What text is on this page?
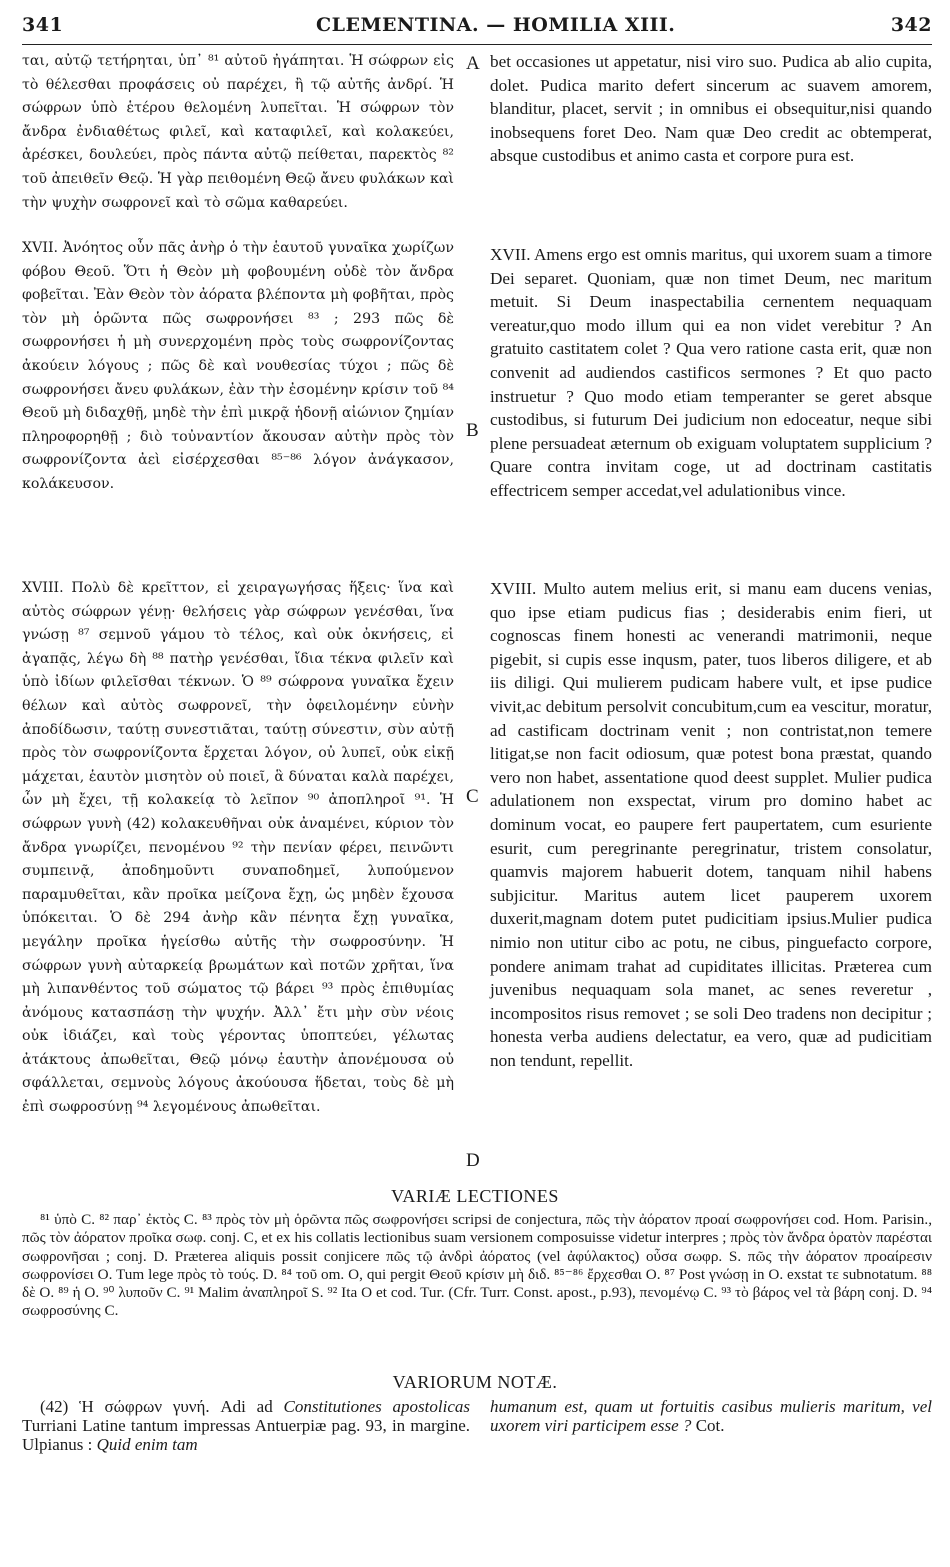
341	CLEMENTINA. — HOMILIA XIII.	342

ται, αὐτῷ τετήρηται, ὑπ᾽ ⁸¹ αὐτοῦ ἠγάπηται. Ἡ σώφρων εἰς τὸ θέλεσθαι προφάσεις οὐ παρέχει, ἢ τῷ αὐτῆς ἀνδρί. Ἡ σώφρων ὑπὸ ἑτέρου θελομένη λυπεῖται. Ἡ σώφρων τὸν ἄνδρα ἐνδιαθέτως φιλεῖ, καὶ καταφιλεῖ, καὶ κολακεύει, ἀρέσκει, δουλεύει, πρὸς πάντα αὐτῷ πείθεται, παρεκτὸς ⁸² τοῦ ἀπειθεῖν Θεῷ. Ἡ γὰρ πειθομένη Θεῷ ἄνευ φυλάκων καὶ τὴν ψυχὴν σωφρονεῖ καὶ τὸ σῶμα καθαρεύει.

XVII. Ἀνόητος οὖν πᾶς ἀνὴρ ὁ τὴν ἑαυτοῦ γυναῖκα χωρίζων φόβου Θεοῦ. Ὅτι ἡ Θεὸν μὴ φοβουμένη οὐδὲ τὸν ἄνδρα φοβεῖται. Ἐὰν Θεὸν τὸν ἀόρατα βλέποντα μὴ φοβῆται, πρὸς τὸν μὴ ὁρῶντα πῶς σωφρονήσει ⁸³ ; 293 πῶς δὲ σωφρονήσει ἡ μὴ συνερχομένη πρὸς τοὺς σωφρονίζοντας ἀκούειν λόγους ; πῶς δὲ καὶ νουθεσίας τύχοι ; πῶς δὲ σωφρονήσει ἄνευ φυλάκων, ἐὰν τὴν ἐσομένην κρίσιν τοῦ ⁸⁴ Θεοῦ μὴ διδαχθῇ, μηδὲ τὴν ἐπὶ μικρᾷ ἡδονῇ αἰώνιον ζημίαν πληροφορηθῇ ; διὸ τοὐναντίον ἄκουσαν αὐτὴν πρὸς τὸν σωφρονίζοντα ἀεὶ εἰσέρχεσθαι ⁸⁵⁻⁸⁶ λόγον ἀνάγκασον, κολάκευσον.

XVIII. Πολὺ δὲ κρεῖττον, εἰ χειραγωγήσας ἥξεις· ἵνα καὶ αὐτὸς σώφρων γένῃ· θελήσεις γὰρ σώφρων γενέσθαι, ἵνα γνώσῃ ⁸⁷ σεμνοῦ γάμου τὸ τέλος, καὶ οὐκ ὀκνήσεις, εἰ ἀγαπᾷς, λέγω δὴ ⁸⁸ πατὴρ γενέσθαι, ἴδια τέκνα φιλεῖν καὶ ὑπὸ ἰδίων φιλεῖσθαι τέκνων. Ὁ ⁸⁹ σώφρονα γυναῖκα ἔχειν θέλων καὶ αὐτὸς σωφρονεῖ, τὴν ὀφειλομένην εὐνὴν ἀποδίδωσιν, ταύτῃ συνεστιᾶται, ταύτῃ σύνεστιν, σὺν αὐτῇ πρὸς τὸν σωφρονίζοντα ἔρχεται λόγον, οὐ λυπεῖ, οὐκ εἰκῇ μάχεται, ἑαυτὸν μισητὸν οὐ ποιεῖ, ἃ δύναται καλὰ παρέχει, ὧν μὴ ἔχει, τῇ κολακείᾳ τὸ λεῖπον ⁹⁰ ἀποπληροῖ ⁹¹. Ἡ σώφρων γυνὴ (42) κολακευθῆναι οὐκ ἀναμένει, κύριον τὸν ἄνδρα γνωρίζει, πενομένου ⁹² τὴν πενίαν φέρει, πεινῶντι συμπεινᾷ, ἀποδημοῦντι συναποδημεῖ, λυπούμενον παραμυθεῖται, κἂν προῖκα μείζονα ἔχῃ, ὡς μηδὲν ἔχουσα ὑπόκειται. Ὁ δὲ 294 ἀνὴρ κἂν πένητα ἔχῃ γυναῖκα, μεγάλην προῖκα ἡγείσθω αὐτῆς τὴν σωφροσύνην. Ἡ σώφρων γυνὴ αὐταρκείᾳ βρωμάτων καὶ ποτῶν χρῆται, ἵνα μὴ λιπανθέντος τοῦ σώματος τῷ βάρει ⁹³ πρὸς ἐπιθυμίας ἀνόμους κατασπάσῃ τὴν ψυχήν. Ἀλλ᾽ ἔτι μὴν σὺν νέοις οὐκ ἰδιάζει, καὶ τοὺς γέροντας ὑποπτεύει, γέλωτας ἀτάκτους ἀπωθεῖται, Θεῷ μόνῳ ἑαυτὴν ἀπονέμουσα οὐ σφάλλεται, σεμνοὺς λόγους ἀκούουσα ἥδεται, τοὺς δὲ μὴ ἐπὶ σωφροσύνῃ ⁹⁴ λεγομένους ἀπωθεῖται.

A
B
C
D

bet occasiones ut appetatur, nisi viro suo. Pudica ab alio cupita, dolet. Pudica marito defert sincerum ac suavem amorem, blanditur, placet, servit ; in omnibus ei obsequitur,nisi quando inobsequens foret Deo. Nam quæ Deo credit ac obtemperat, absque custodibus et animo casta et corpore pura est.

XVII. Amens ergo est omnis maritus, qui uxorem suam a timore Dei separet. Quoniam, quæ non timet Deum, nec maritum metuit. Si Deum inaspectabilia cernentem nequaquam vereatur,quo modo illum qui ea non videt verebitur ? An gratuito castitatem colet ? Qua vero ratione casta erit, quæ non convenit ad audiendos castificos sermones ? Et quo pacto instruetur ? Quo modo etiam temperanter se geret absque custodibus, si futurum Dei judicium non edoceatur, neque sibi plene persuadeat æternum ob exiguam voluptatem supplicium ? Quare contra invitam coge, ut ad doctrinam castitatis effectricem semper accedat,vel adulationibus vince.

XVIII. Multo autem melius erit, si manu eam ducens venias, quo ipse etiam pudicus fias ; desiderabis enim fieri, ut cognoscas finem honesti ac venerandi matrimonii, neque pigebit, si cupis esse inqusm, pater, tuos liberos diligere, et ab iis diligi. Qui mulierem pudicam habere vult, et ipse pudice vivit,ac debitum persolvit concubitum,cum ea vescitur, moratur, ad castificam doctrinam venit ; non contristat,non temere litigat,se non facit odiosum, quæ potest bona præstat, quando vero non habet, assentatione quod deest supplet. Mulier pudica adulationem non exspectat, virum pro domino habet ac dominum vocat, eo paupere fert paupertatem, cum esuriente esurit, cum peregrinante peregrinatur, tristem consolatur, quamvis majorem habuerit dotem, tanquam nihil habens subjicitur. Maritus autem licet pauperem uxorem duxerit,magnam dotem putet pudicitiam ipsius.Mulier pudica nimio non utitur cibo ac potu, ne cibus, pinguefacto corpore, pondere animam trahat ad cupiditates illicitas. Præterea cum juvenibus nequaquam sola manet, ac senes reveretur , incompositos risus removet ; se soli Deo tradens non decipitur ; honesta verba audiens delectatur, ea vero, quæ ad pudicitiam non tendunt, repellit.

VARIÆ LECTIONES
⁸¹ ὑπὸ C. ⁸² παρ᾽ ἐκτὸς C. ⁸³ πρὸς τὸν μὴ ὁρῶντα πῶς σωφρονήσει scripsi de conjectura, πῶς τὴν ἀόρατον προαί σωφρονήσει cod. Hom. Parisin., πῶς τὸν ἀόρατον προῖκα σωφ. conj. C, et ex his collatis lectionibus suam versionem composuisse videtur interpres ; πρὸς τὸν ἄνδρα ὁρατὸν παρέσται σωφρονῆσαι ; conj. D. Præterea aliquis possit conjicere πῶς τῷ ἀνδρὶ ἀόρατος (vel ἀφύλακτος) οὖσα σωφρ. S. πῶς τὴν ἀόρατον προαίρεσιν σωφρονίσει O. Tum lege πρὸς τὸ τούς. D. ⁸⁴ τοῦ om. O, qui pergit Θεοῦ κρίσιν μὴ διδ. ⁸⁵⁻⁸⁶ ἔρχεσθαι O. ⁸⁷ Post γνώσῃ in O. exstat τε subnotatum. ⁸⁸ δὲ O. ⁸⁹ ἡ O. ⁹⁰ λυποῦν C. ⁹¹ Malim ἀναπληροῖ S. ⁹² Ita O et cod. Tur. (Cfr. Turr. Const. apost., p.93), πενομένῳ C. ⁹³ τὸ βάρος vel τὰ βάρη conj. D. ⁹⁴ σωφροσύνης C.
VARIORUM NOTÆ.
(42) Ἡ σώφρων γυνή. Adi ad Constitutiones apostolicas Turriani Latine tantum impressas Antuerpiæ pag. 93, in margine. Ulpianus : Quid enim tam
humanum est, quam ut fortuitis casibus mulieris maritum, vel uxorem viri participem esse ? Cot.
